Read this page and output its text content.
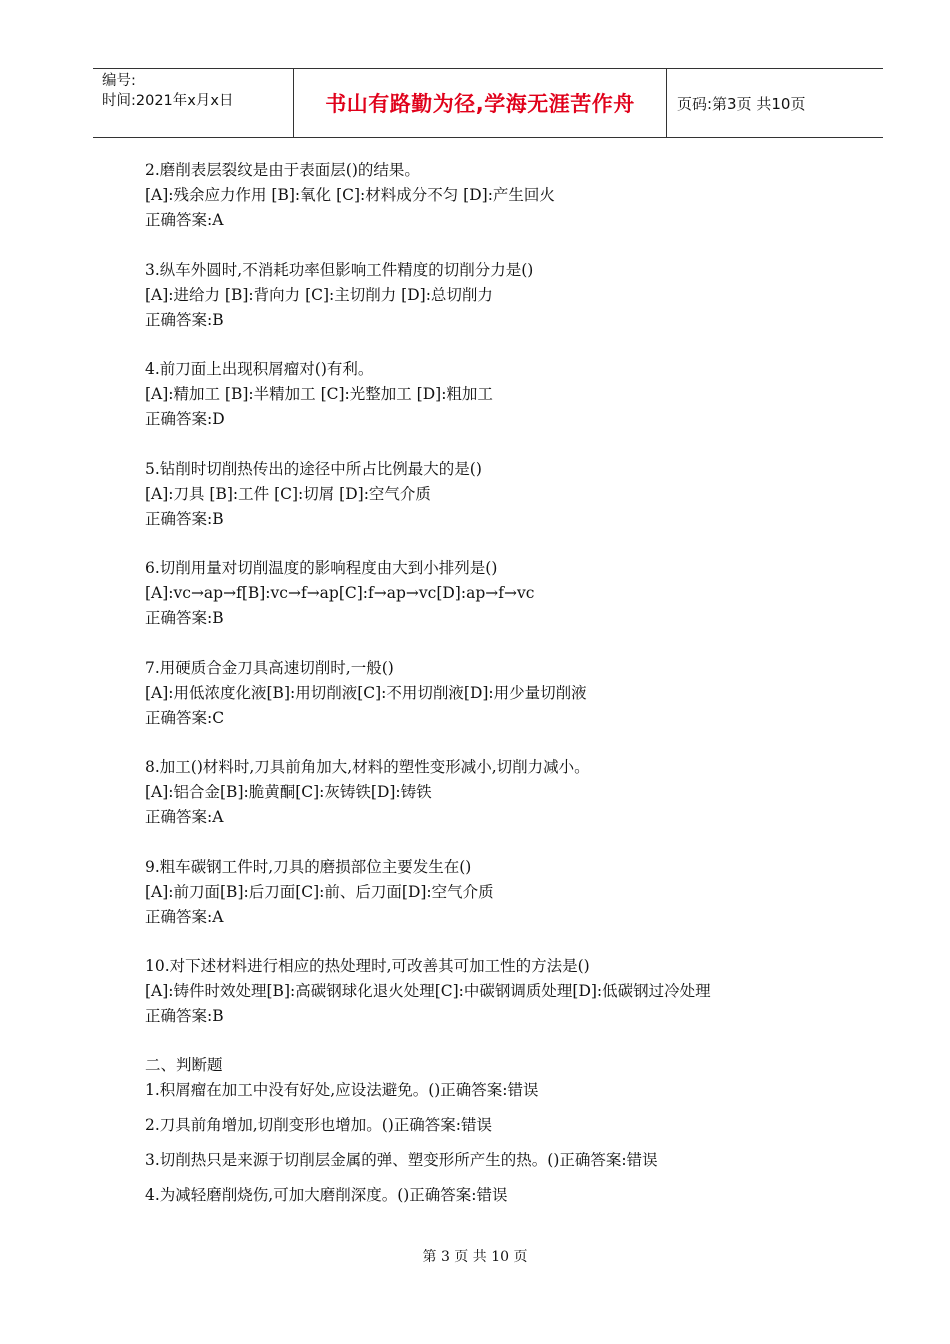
编号:
时间:2021年x月x日	书山有路勤为径,学海无涯苦作舟	页码:第3页 共10页
2.磨削表层裂纹是由于表面层()的结果。
[A]:残余应力作用 [B]:氧化 [C]:材料成分不匀 [D]:产生回火
正确答案:A
3.纵车外圆时,不消耗功率但影响工件精度的切削分力是()
[A]:进给力 [B]:背向力 [C]:主切削力 [D]:总切削力
正确答案:B
4.前刀面上出现积屑瘤对()有利。
[A]:精加工 [B]:半精加工 [C]:光整加工 [D]:粗加工
正确答案:D
5.钻削时切削热传出的途径中所占比例最大的是()
[A]:刀具 [B]:工件 [C]:切屑 [D]:空气介质
正确答案:B
6.切削用量对切削温度的影响程度由大到小排列是()
[A]:vc→ap→f[B]:vc→f→ap[C]:f→ap→vc[D]:ap→f→vc
正确答案:B
7.用硬质合金刀具高速切削时,一般()
[A]:用低浓度化液[B]:用切削液[C]:不用切削液[D]:用少量切削液
正确答案:C
8.加工()材料时,刀具前角加大,材料的塑性变形减小,切削力减小。
[A]:铝合金[B]:脆黄酮[C]:灰铸铁[D]:铸铁
正确答案:A
9.粗车碳钢工件时,刀具的磨损部位主要发生在()
[A]:前刀面[B]:后刀面[C]:前、后刀面[D]:空气介质
正确答案:A
10.对下述材料进行相应的热处理时,可改善其可加工性的方法是()
[A]:铸件时效处理[B]:高碳钢球化退火处理[C]:中碳钢调质处理[D]:低碳钢过冷处理
正确答案:B
二、判断题
1.积屑瘤在加工中没有好处,应设法避免。()正确答案:错误
2.刀具前角增加,切削变形也增加。()正确答案:错误
3.切削热只是来源于切削层金属的弹、塑变形所产生的热。()正确答案:错误
4.为减轻磨削烧伤,可加大磨削深度。()正确答案:错误
第 3 页 共 10 页
